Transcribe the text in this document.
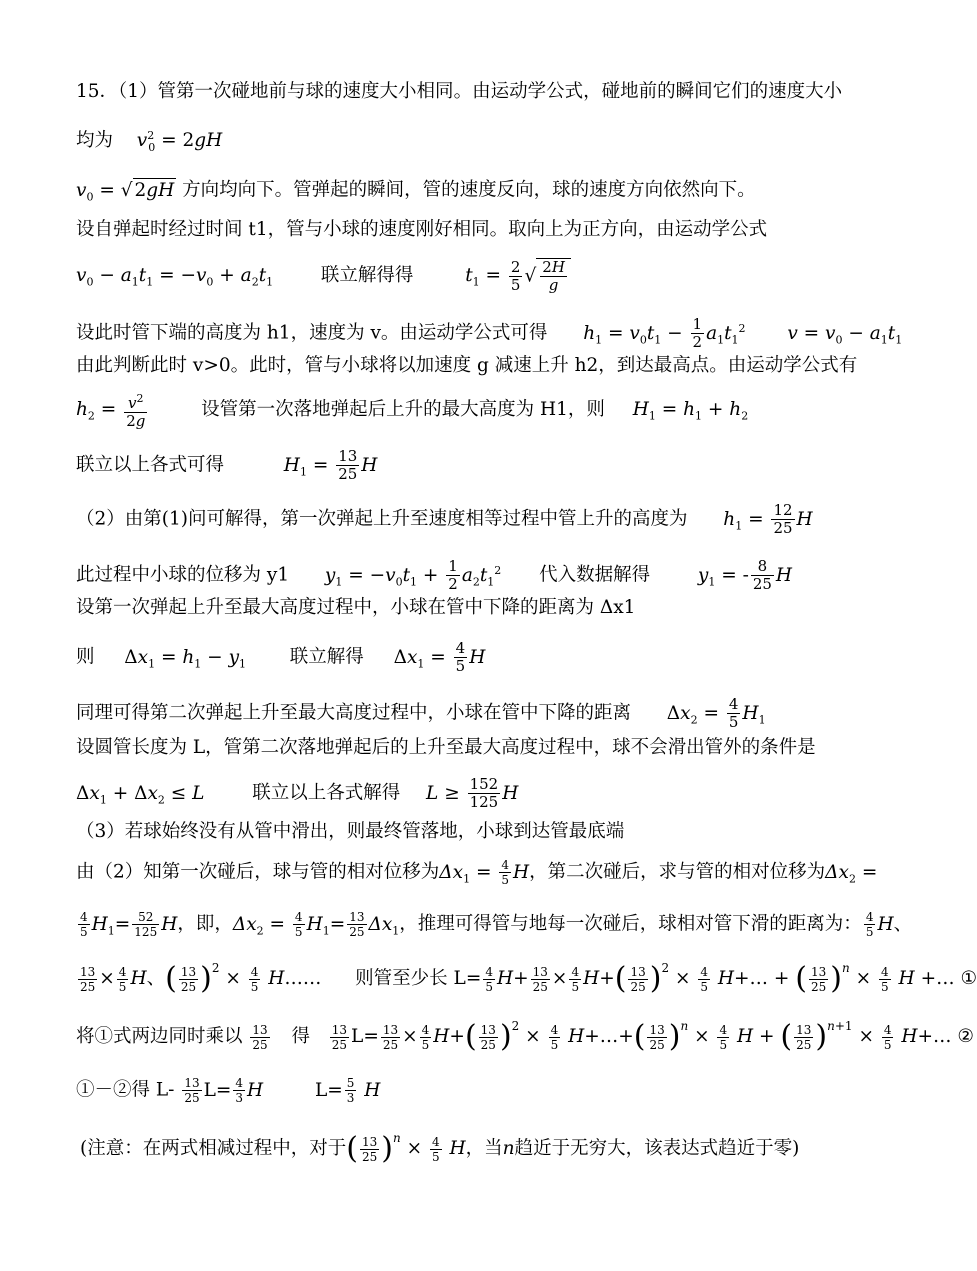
15．（1）管第一次碰地前与球的速度大小相同。由运动学公式，碰地前的瞬间它们的速度大小
均为 $v^2_0 = 2gH$
$v_0$ = √ 2gH 方向均向下。管弹起的瞬间，管的速度反向，球的速度方向依然向下。
设自弹起时经过时间 t1，管与小球的速度刚好相同。取向上为正方向，由运动学公式
$v_0 - a_1t_1 = -v_0 + a_2t_1$	联立解得得	$t_1 = \frac{2}{5}$ √ $\frac{2H}{g}$
设此时管下端的高度为 h1，速度为 v。由运动学公式可得 $h_1 = v_0t_1 - \frac{1}{2} a_1t_1^2$ $v = v_0 - a_1t_1$
由此判断此时 v>0。此时，管与小球将以加速度 g 减速上升 h2，到达最高点。由运动学公式有
$h_2 = \frac{v^2}{2g}$	设管第一次落地弹起后上升的最大高度为 H1，则 $H_1 = h_1 + h_2$
联立以上各式可得	$H_1 = \frac{13}{25}$ H
（2）由第(1)问可解得，第一次弹起上升至速度相等过程中管上升的高度为 $h_1 = \frac{12}{25}$ H
此过程中小球的位移为 y1 $y_1 = -v_0t_1 + \frac{1}{2} a_2t_1^2$ 代入数据解得	$y_1$ = - $\frac{8}{25}$ H
设第一次弹起上升至最大高度过程中，小球在管中下降的距离为 Δx1
则 $\Delta x_1 = h_1 - y_1$ 联立解得 $\Delta x_1 = \frac{4}{5}$ H
同理可得第二次弹起上升至最大高度过程中，小球在管中下降的距离 $\Delta x_2 = \frac{4}{5} H_1$
设圆管长度为 L，管第二次落地弹起后的上升至最大高度过程中，球不会滑出管外的条件是
$\Delta x_1 + \Delta x_2 \le L$	联立以上各式解得 $L \ge \frac{152}{125}$ H
（3）若球始终没有从管中滑出，则最终管落地，小球到达管最底端
由（2）知第一次碰后，球与管的相对位移为$\Delta x_1 = \frac{4}{5}$ H，第二次碰后，求与管的相对位移为$\Delta x_2$ =
$\frac{4}{5} H_1= \frac{52}{125}$ H，即，$\Delta x_2 = \frac{4}{5} H_1= \frac{13}{25} \Delta x_1$，推理可得管与地每一次碰后，球相对管下滑的距离为： $\frac{4}{5}$ H、
$\frac{13}{25} \times \frac{4}{5}$ H、( $\frac{13}{25} )^2 \times \frac{4}{5}$ H…… 则管至少长 $L= \frac{4}{5} H+ \frac{13}{25} \times \frac{4}{5} H+( \frac{13}{25} )^2 \times \frac{4}{5}$ H+… + ( $\frac{13}{25} )^n \times \frac{4}{5}$ H +… ①
将①式两边同时乘以 $\frac{13}{25}$ 得 $\frac{13}{25} L= \frac{13}{25} \times \frac{4}{5} H+( \frac{13}{25} )^2 \times \frac{4}{5}$ H+…+( $\frac{13}{25} )^n \times \frac{4}{5}$ H + ( $\frac{13}{25} )^{n+1} \times \frac{4}{5}$ H+… ②
①－②得 $L- \frac{13}{25} L= \frac{4}{3}$ H	$L= \frac{5}{3}$ H
(注意：在两式相减过程中，对于( $\frac{13}{25} )^n \times \frac{4}{5}$ H，当n趋近于无穷大，该表达式趋近于零)
